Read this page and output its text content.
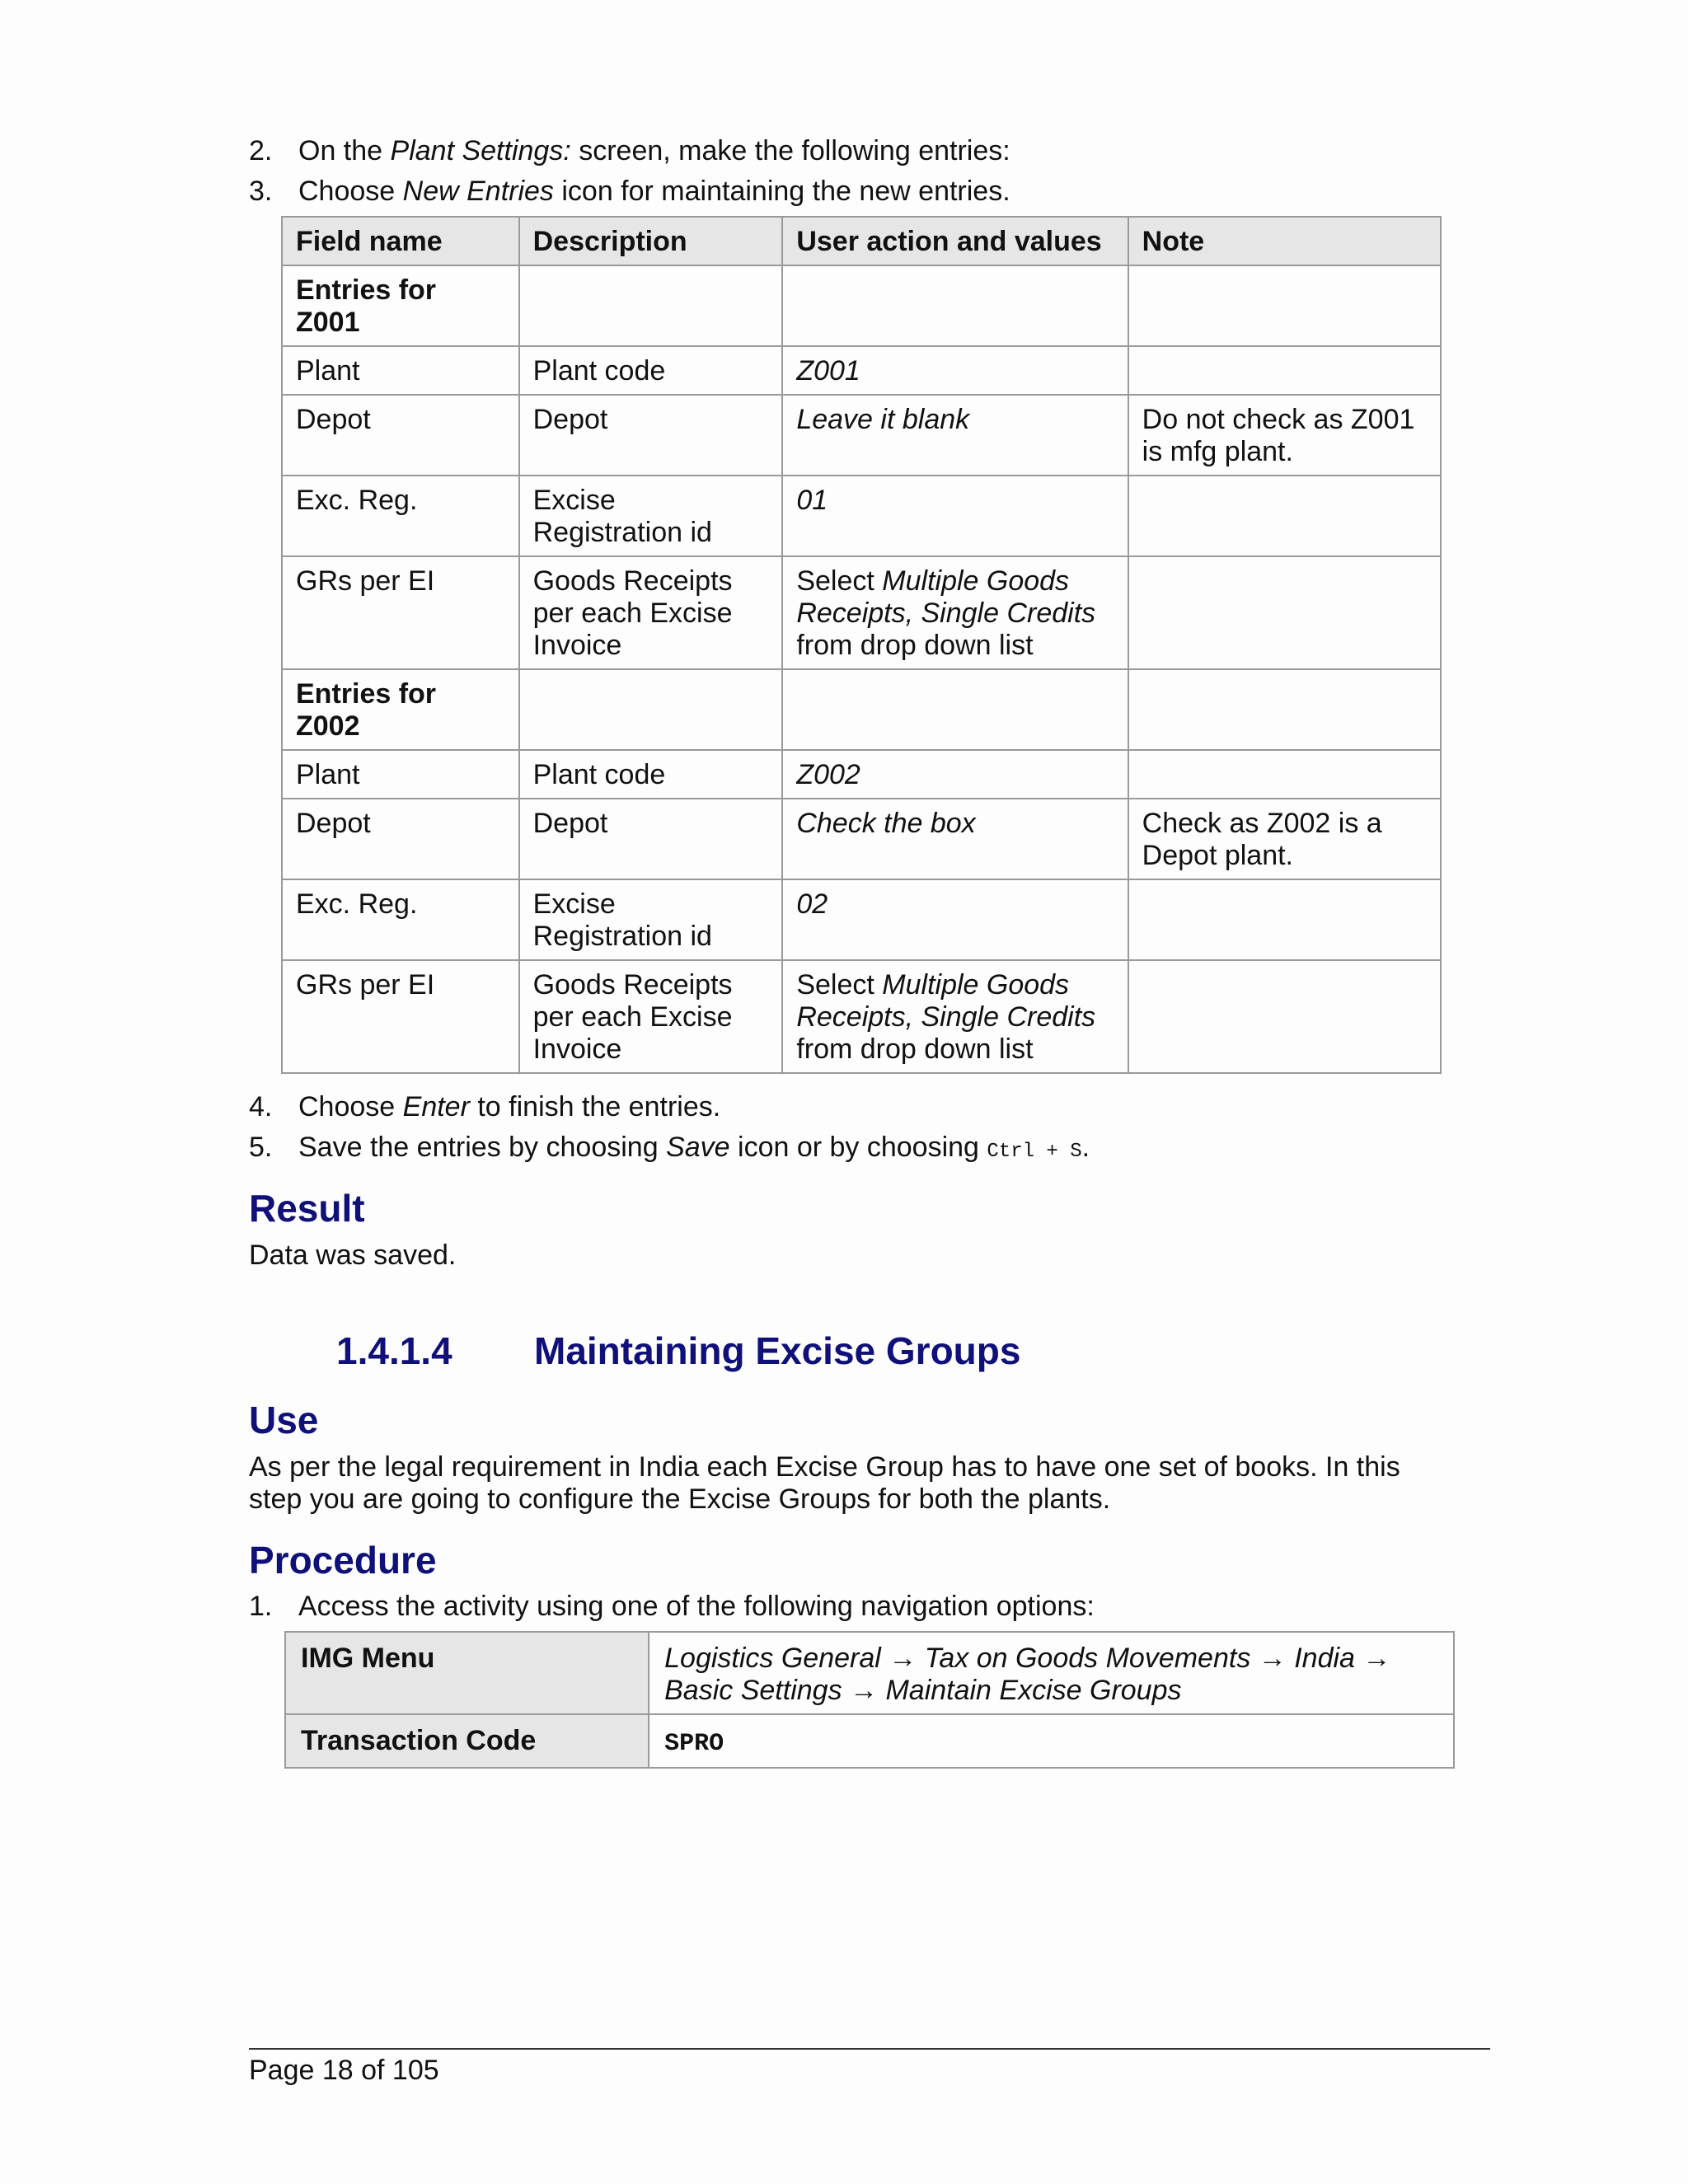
2. On the Plant Settings: screen, make the following entries:
3. Choose New Entries icon for maintaining the new entries.
Field name	Description	User action and values	Note
Entries for Z001			
Plant	Plant code	Z001	
Depot	Depot	Leave it blank	Do not check as Z001 is mfg plant.
Exc. Reg.	Excise Registration id	01	
GRs per EI	Goods Receipts per each Excise Invoice	Select Multiple Goods Receipts, Single Credits from drop down list	
Entries for Z002			
Plant	Plant code	Z002	
Depot	Depot	Check the box	Check as Z002 is a Depot plant.
Exc. Reg.	Excise Registration id	02	
GRs per EI	Goods Receipts per each Excise Invoice	Select Multiple Goods Receipts, Single Credits from drop down list	
4. Choose Enter to finish the entries.
5. Save the entries by choosing Save icon or by choosing Ctrl + S.
Result
Data was saved.
1.4.1.4 Maintaining Excise Groups
Use
As per the legal requirement in India each Excise Group has to have one set of books. In this step you are going to configure the Excise Groups for both the plants.
Procedure
1. Access the activity using one of the following navigation options:
IMG Menu	Logistics General → Tax on Goods Movements → India → Basic Settings → Maintain Excise Groups
Transaction Code	SPRO
Page 18 of 105
